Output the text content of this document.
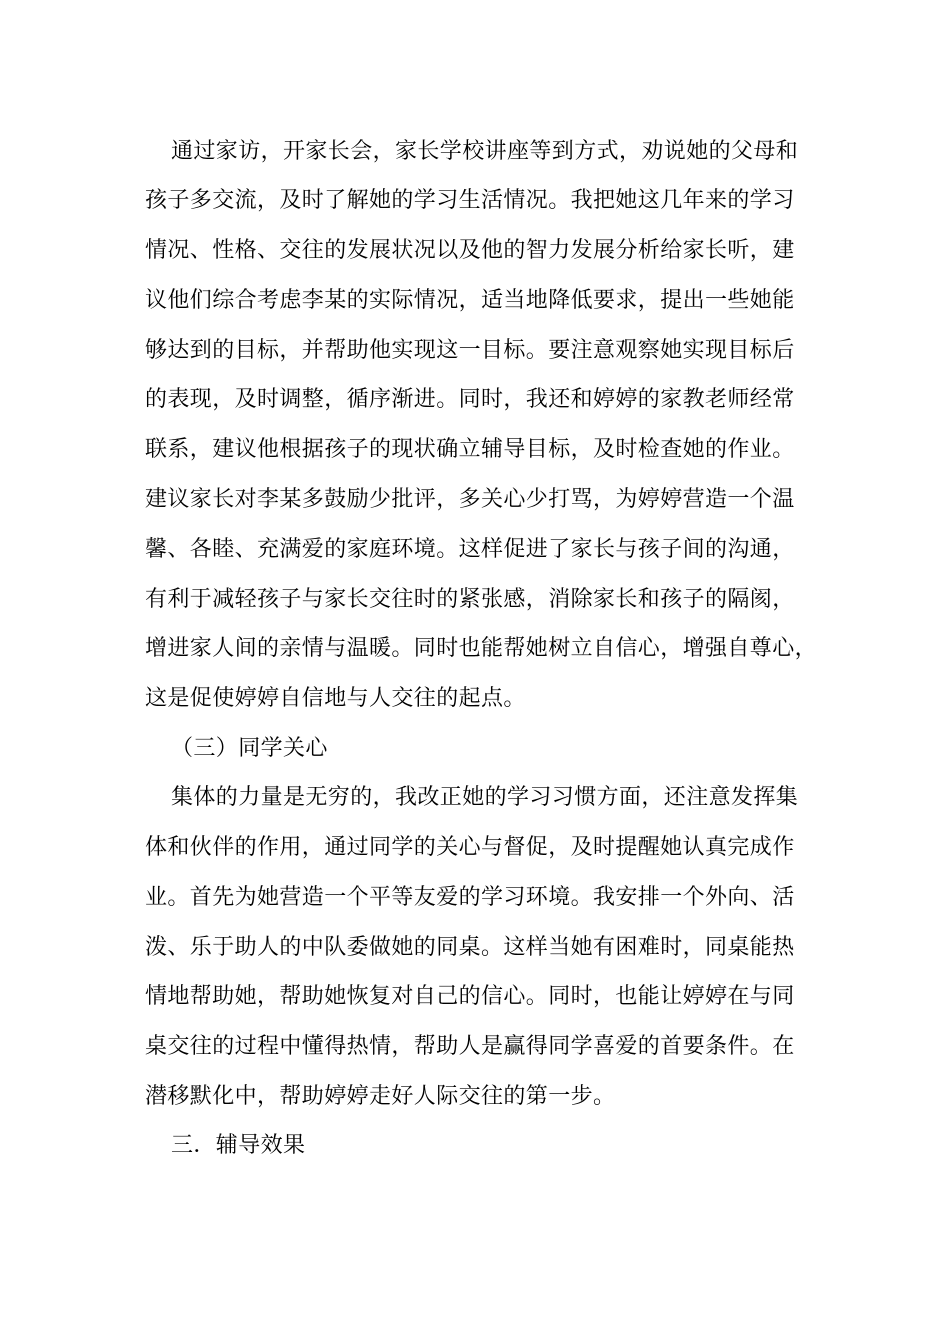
通过家访，开家长会，家长学校讲座等到方式，劝说她的父母和
孩子多交流，及时了解她的学习生活情况。我把她这几年来的学习
情况、性格、交往的发展状况以及他的智力发展分析给家长听，建
议他们综合考虑李某的实际情况，适当地降低要求，提出一些她能
够达到的目标，并帮助他实现这一目标。要注意观察她实现目标后
的表现，及时调整，循序渐进。同时，我还和婷婷的家教老师经常
联系，建议他根据孩子的现状确立辅导目标，及时检查她的作业。
建议家长对李某多鼓励少批评，多关心少打骂，为婷婷营造一个温
馨、各睦、充满爱的家庭环境。这样促进了家长与孩子间的沟通，
有利于减轻孩子与家长交往时的紧张感，消除家长和孩子的隔阂，
增进家人间的亲情与温暖。同时也能帮她树立自信心，增强自尊心，
这是促使婷婷自信地与人交往的起点。
（三）同学关心
集体的力量是无穷的，我改正她的学习习惯方面，还注意发挥集
体和伙伴的作用，通过同学的关心与督促，及时提醒她认真完成作
业。首先为她营造一个平等友爱的学习环境。我安排一个外向、活
泼、乐于助人的中队委做她的同桌。这样当她有困难时，同桌能热
情地帮助她，帮助她恢复对自己的信心。同时，也能让婷婷在与同
桌交往的过程中懂得热情，帮助人是赢得同学喜爱的首要条件。在
潜移默化中，帮助婷婷走好人际交往的第一步。
三．辅导效果
